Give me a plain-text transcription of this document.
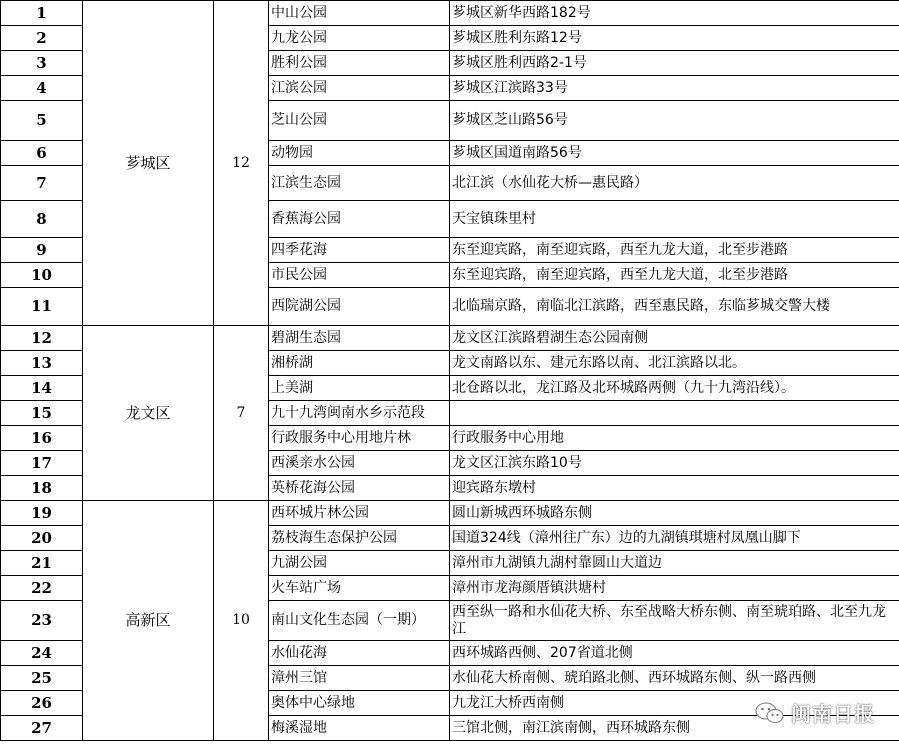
1	芗城区	12	中山公园	芗城区新华西路182号
2			九龙公园	芗城区胜利东路12号
3			胜利公园	芗城区胜利西路2-1号
4			江滨公园	芗城区江滨路33号
5			芝山公园	芗城区芝山路56号
6			动物园	芗城区国道南路56号
7			江滨生态园	北江滨（水仙花大桥—惠民路）
8			香蕉海公园	天宝镇珠里村
9			四季花海	东至迎宾路，南至迎宾路，西至九龙大道，北至步港路
10			市民公园	东至迎宾路，南至迎宾路，西至九龙大道，北至步港路
11			西院湖公园	北临瑞京路，南临北江滨路，西至惠民路，东临芗城交警大楼
12	龙文区	7	碧湖生态园	龙文区江滨路碧湖生态公园南侧
13			湘桥湖	龙文南路以东、建元东路以南、北江滨路以北。
14			上美湖	北仓路以北，龙江路及北环城路两侧（九十九湾沿线）。
15			九十九湾闽南水乡示范段	
16			行政服务中心用地片林	行政服务中心用地
17			西溪亲水公园	龙文区江滨东路10号
18			英桥花海公园	迎宾路东墩村
19	高新区	10	西环城片林公园	圆山新城西环城路东侧
20			荔枝海生态保护公园	国道324线（漳州往广东）边的九湖镇琪塘村凤凰山脚下
21			九湖公园	漳州市九湖镇九湖村靠圆山大道边
22			火车站广场	漳州市龙海颜厝镇洪塘村
23			南山文化生态园（一期）	西至纵一路和水仙花大桥、东至战略大桥东侧、南至琥珀路、北至九龙江
24			水仙花海	西环城路西侧、207省道北侧
25			漳州三馆	水仙花大桥南侧、琥珀路北侧、西环城路东侧、纵一路西侧
26			奥体中心绿地	九龙江大桥西南侧
27			梅溪湿地	三馆北侧，南江滨南侧，西环城路东侧
闽南日报
